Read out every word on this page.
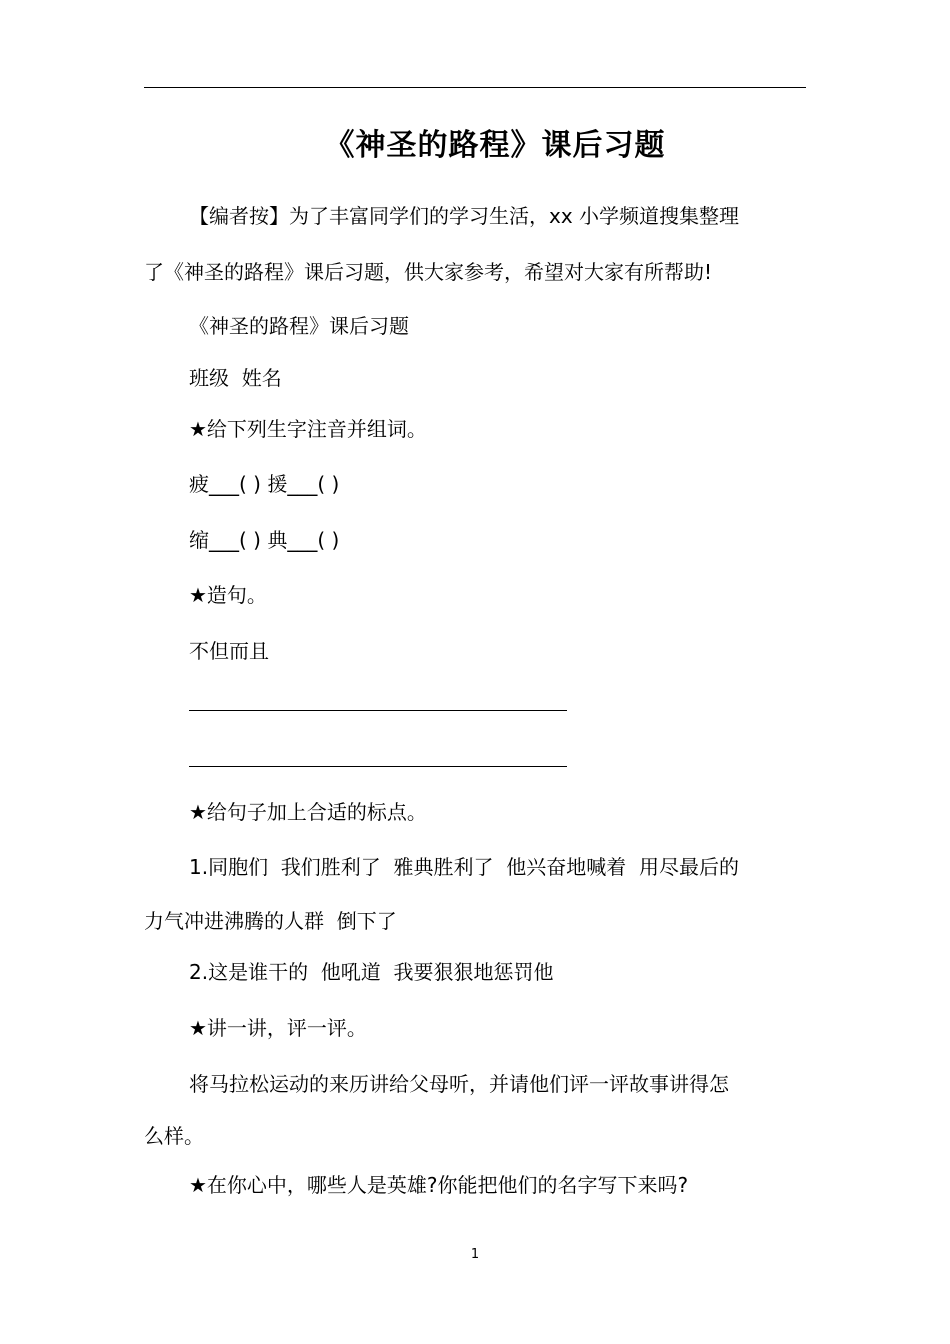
《神圣的路程》课后习题
【编者按】为了丰富同学们的学习生活，xx 小学频道搜集整理
了《神圣的路程》课后习题，供大家参考，希望对大家有所帮助!
《神圣的路程》课后习题
班级  姓名
★给下列生字注音并组词。
疲___( ) 援___( )
缩___( ) 典___( )
★造句。
不但而且
★给句子加上合适的标点。
1.同胞们  我们胜利了  雅典胜利了  他兴奋地喊着  用尽最后的
力气冲进沸腾的人群  倒下了
2.这是谁干的  他吼道  我要狠狠地惩罚他
★讲一讲，评一评。
将马拉松运动的来历讲给父母听，并请他们评一评故事讲得怎
么样。
★在你心中，哪些人是英雄?你能把他们的名字写下来吗?
1
